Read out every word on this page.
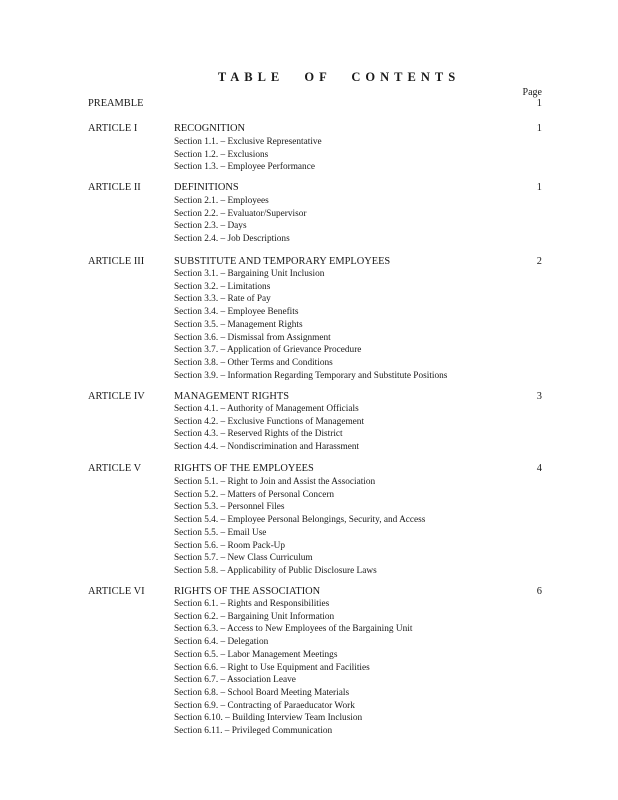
TABLE OF CONTENTS
Page
PREAMBLE	1
ARTICLE I	RECOGNITION	1
Section 1.1. – Exclusive Representative
Section 1.2. – Exclusions
Section 1.3. – Employee Performance
ARTICLE II	DEFINITIONS	1
Section 2.1. – Employees
Section 2.2. – Evaluator/Supervisor
Section 2.3. – Days
Section 2.4. – Job Descriptions
ARTICLE III	SUBSTITUTE AND TEMPORARY EMPLOYEES	2
Section 3.1. – Bargaining Unit Inclusion
Section 3.2. – Limitations
Section 3.3. – Rate of Pay
Section 3.4. – Employee Benefits
Section 3.5. – Management Rights
Section 3.6. – Dismissal from Assignment
Section 3.7. – Application of Grievance Procedure
Section 3.8. – Other Terms and Conditions
Section 3.9. – Information Regarding Temporary and Substitute Positions
ARTICLE IV	MANAGEMENT RIGHTS	3
Section 4.1. – Authority of Management Officials
Section 4.2. – Exclusive Functions of Management
Section 4.3. – Reserved Rights of the District
Section 4.4. – Nondiscrimination and Harassment
ARTICLE V	RIGHTS OF THE EMPLOYEES	4
Section 5.1. – Right to Join and Assist the Association
Section 5.2. – Matters of Personal Concern
Section 5.3. – Personnel Files
Section 5.4. – Employee Personal Belongings, Security, and Access
Section 5.5. – Email Use
Section 5.6. – Room Pack-Up
Section 5.7. – New Class Curriculum
Section 5.8. – Applicability of Public Disclosure Laws
ARTICLE VI	RIGHTS OF THE ASSOCIATION	6
Section 6.1. – Rights and Responsibilities
Section 6.2. – Bargaining Unit Information
Section 6.3. – Access to New Employees of the Bargaining Unit
Section 6.4. – Delegation
Section 6.5. – Labor Management Meetings
Section 6.6. – Right to Use Equipment and Facilities
Section 6.7. – Association Leave
Section 6.8. – School Board Meeting Materials
Section 6.9. – Contracting of Paraeducator Work
Section 6.10. – Building Interview Team Inclusion
Section 6.11. – Privileged Communication
